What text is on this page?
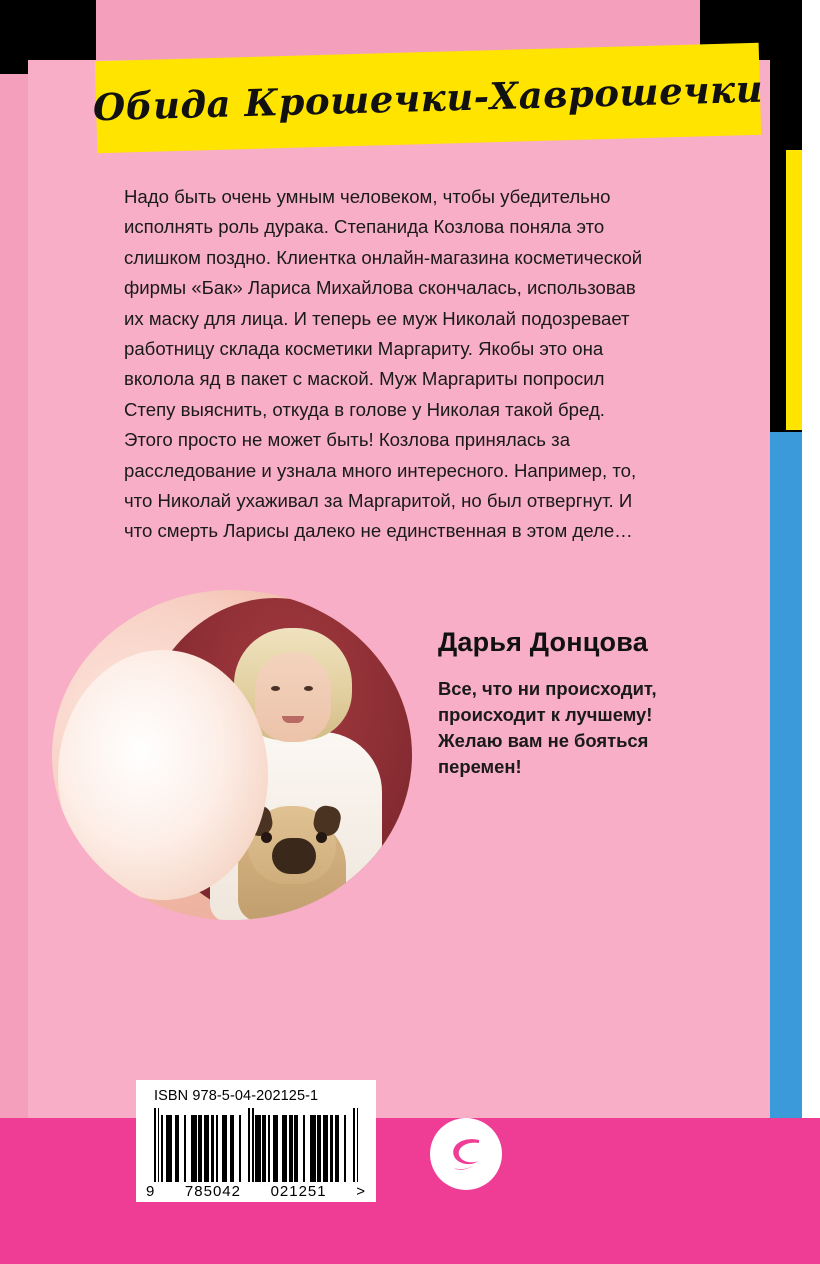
Обида Крошечки-Хаврошечки

Надо быть очень умным человеком, чтобы убедительно исполнять роль дурака. Степанида Козлова поняла это слишком поздно. Клиентка онлайн-магазина косметической фирмы «Бак» Лариса Михайлова скончалась, использовав их маску для лица. И теперь ее муж Николай подозревает работницу склада косметики Маргариту. Якобы это она вколола яд в пакет с маской. Муж Маргариты попросил Степу выяснить, откуда в голове у Николая такой бред. Этого просто не может быть! Козлова принялась за расследование и узнала много интересного. Например, то, что Николай ухаживал за Маргаритой, но был отвергнут. И что смерть Ларисы далеко не единственная в этом деле…

Дарья Донцова

Все, что ни происходит,

происходит к лучшему!

Желаю вам не бояться

перемен!

ISBN 978-5-04-202125-1
9 785042 021251 >
